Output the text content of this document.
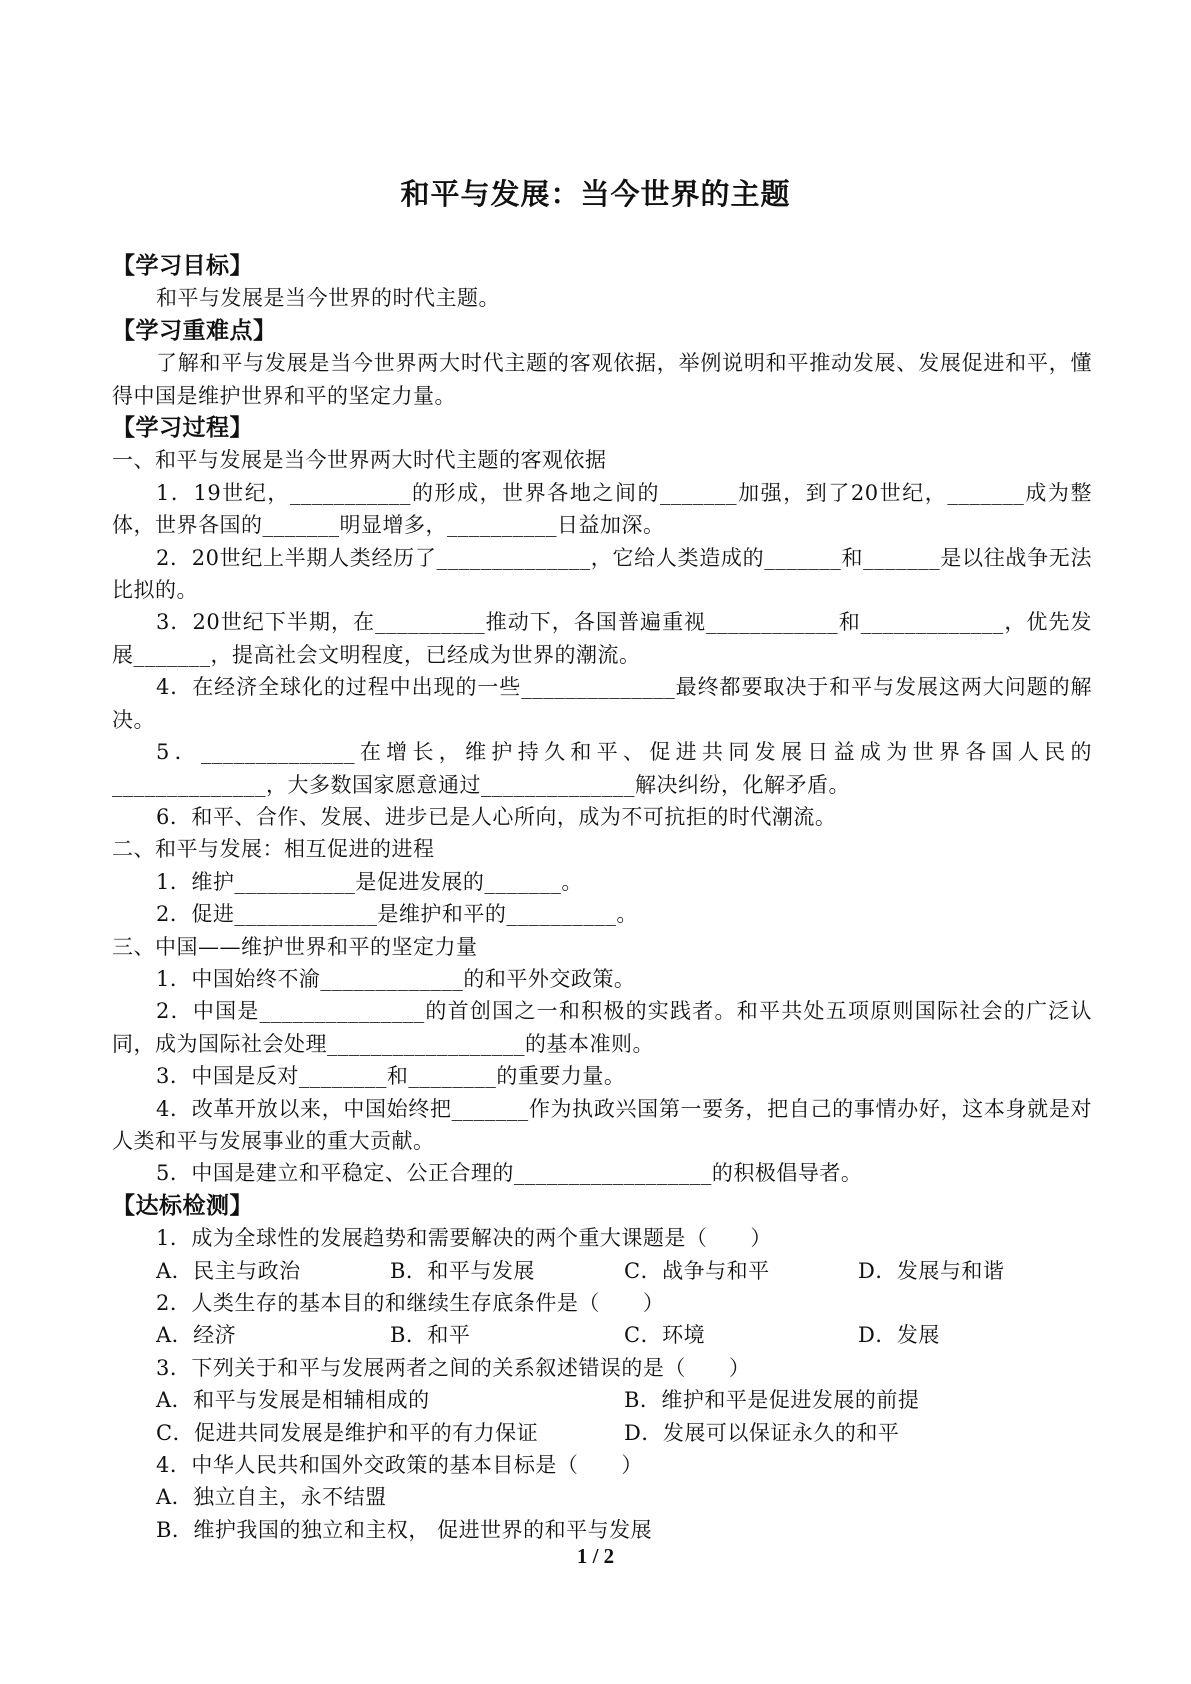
和平与发展：当今世界的主题

【学习目标】

和平与发展是当今世界的时代主题。

【学习重难点】

了解和平与发展是当今世界两大时代主题的客观依据，举例说明和平推动发展、发展促进和平，懂得中国是维护世界和平的坚定力量。

【学习过程】

一、和平与发展是当今世界两大时代主题的客观依据

1．19世纪，___________的形成，世界各地之间的_______加强，到了20世纪，_______成为整体，世界各国的_______明显增多，__________日益加深。

2．20世纪上半期人类经历了______________，它给人类造成的_______和_______是以往战争无法比拟的。

3．20世纪下半期，在__________推动下，各国普遍重视____________和_____________，优先发展_______，提高社会文明程度，已经成为世界的潮流。

4．在经济全球化的过程中出现的一些______________最终都要取决于和平与发展这两大问题的解决。

5．______________在增长，维护持久和平、促进共同发展日益成为世界各国人民的______________，大多数国家愿意通过______________解决纠纷，化解矛盾。

6．和平、合作、发展、进步已是人心所向，成为不可抗拒的时代潮流。

二、和平与发展：相互促进的进程

1．维护___________是促进发展的_______。

2．促进_____________是维护和平的__________。

三、中国——维护世界和平的坚定力量

1．中国始终不渝_____________的和平外交政策。

2．中国是_______________的首创国之一和积极的实践者。和平共处五项原则国际社会的广泛认同，成为国际社会处理__________________的基本准则。

3．中国是反对________和________的重要力量。

4．改革开放以来，中国始终把_______作为执政兴国第一要务，把自己的事情办好，这本身就是对人类和平与发展事业的重大贡献。

5．中国是建立和平稳定、公正合理的__________________的积极倡导者。

【达标检测】

1．成为全球性的发展趋势和需要解决的两个重大课题是（　　）

A．民主与政治	B．和平与发展	C．战争与和平	D．发展与和谐

2．人类生存的基本目的和继续生存底条件是（　　）

A．经济	B．和平	C．环境	D．发展

3．下列关于和平与发展两者之间的关系叙述错误的是（　　）

A．和平与发展是相辅相成的	B．维护和平是促进发展的前提
C．促进共同发展是维护和平的有力保证	D．发展可以保证永久的和平

4．中华人民共和国外交政策的基本目标是（　　）

A．独立自主，永不结盟
B．维护我国的独立和主权， 促进世界的和平与发展
1 / 2
